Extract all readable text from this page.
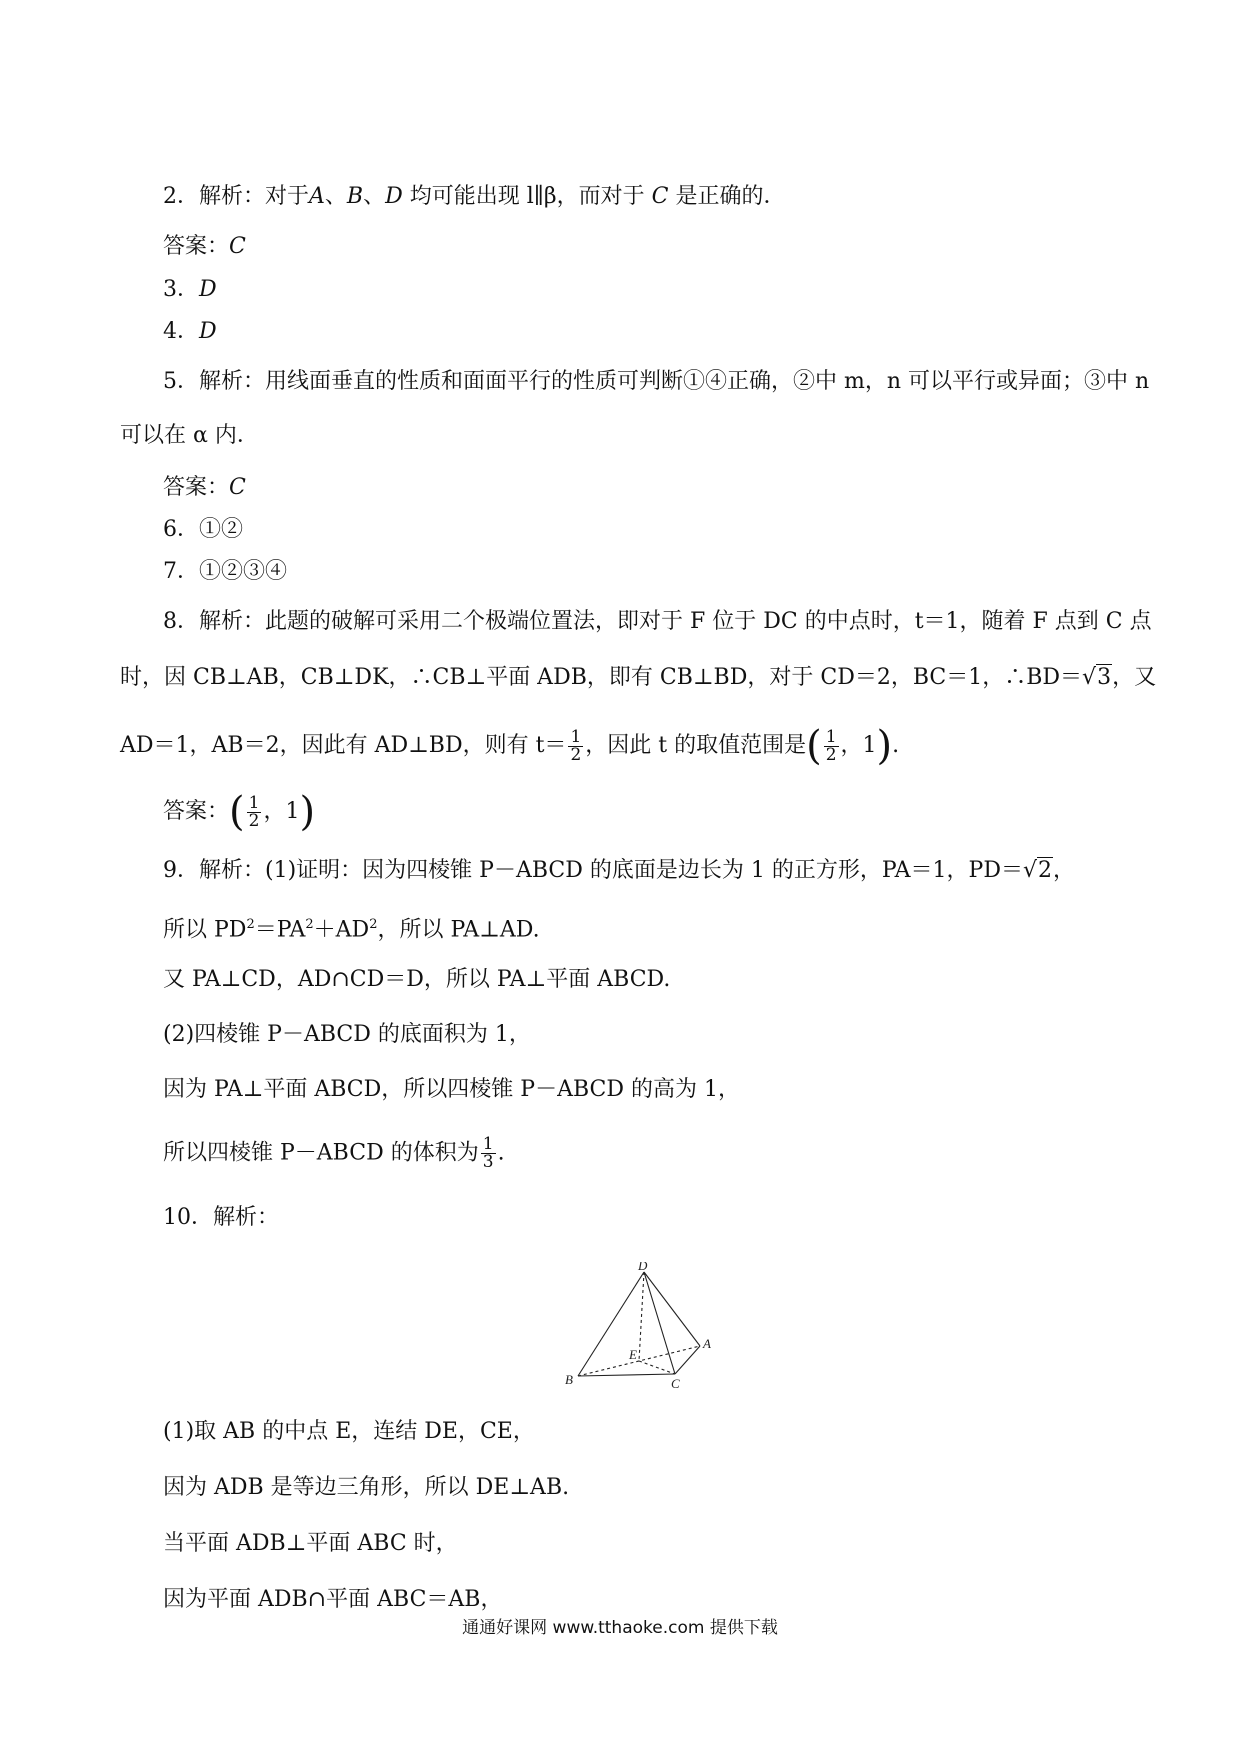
2．解析：对于A、B、D 均可能出现 l∥β，而对于 C 是正确的．
答案：C
3．D
4．D
5．解析：用线面垂直的性质和面面平行的性质可判断①④正确，②中 m，n 可以平行或异面；③中 n
可以在 α 内．
答案：C
6．①②
7．①②③④
8．解析：此题的破解可采用二个极端位置法，即对于 F 位于 DC 的中点时，t＝1，随着 F 点到 C 点
时，因 CB⊥AB，CB⊥DK，∴CB⊥平面 ADB，即有 CB⊥BD，对于 CD＝2，BC＝1，∴BD＝√3，又
AD＝1，AB＝2，因此有 AD⊥BD，则有 $t= \frac{1}{2}$ ，因此 t 的取值范围是( $\frac{1}{2}$ ，1).
答案：( $\frac{1}{2}$ ，1)
9．解析：(1)证明：因为四棱锥 P－ABCD 的底面是边长为 1 的正方形，PA＝1，PD＝√2，
所以 $PD^2=PA^2+AD^2$，所以 PA⊥AD.
又 PA⊥CD，AD∩CD＝D，所以 PA⊥平面 ABCD.
(2)四棱锥 P－ABCD 的底面积为 1，
因为 PA⊥平面 ABCD，所以四棱锥 P－ABCD 的高为 1，
所以四棱锥 P－ABCD 的体积为 $\frac{1}{3}$ .
10．解析：
D
A
B	C
E
(1)取 AB 的中点 E，连结 DE，CE，
因为 ADB 是等边三角形，所以 DE⊥AB.
当平面 ADB⊥平面 ABC 时，
因为平面 ADB∩平面 ABC＝AB，
通通好课网 www.tthaoke.com 提供下载
